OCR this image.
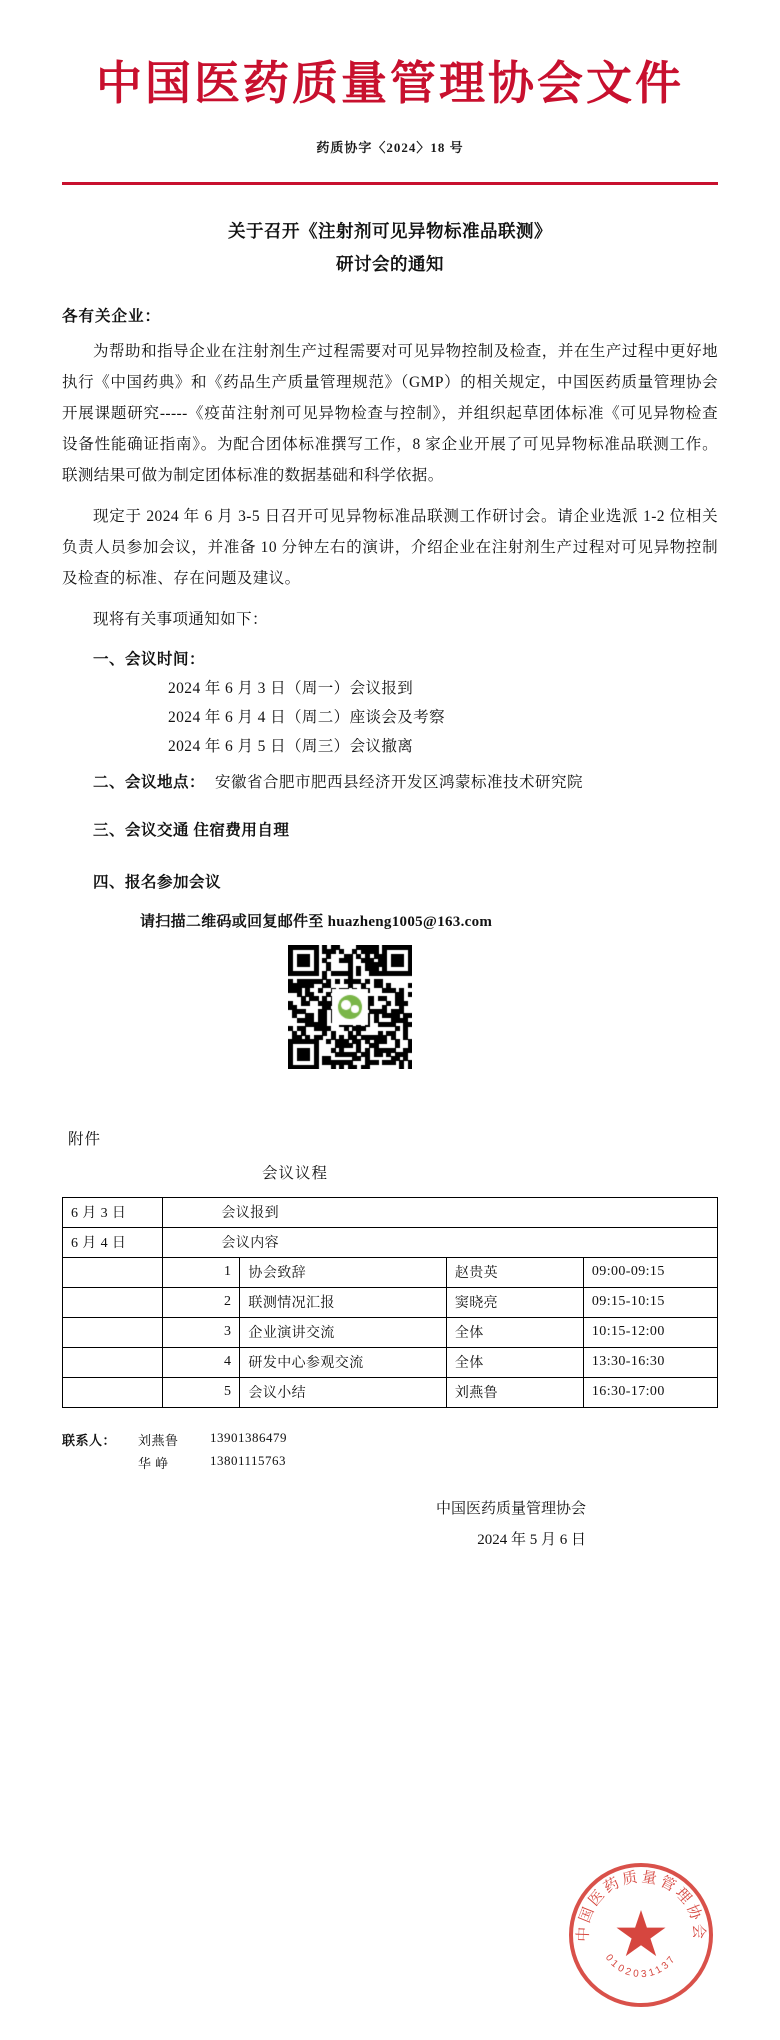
中国医药质量管理协会文件
药质协字〈2024〉18 号
关于召开《注射剂可见异物标准品联测》
研讨会的通知
各有关企业：

为帮助和指导企业在注射剂生产过程需要对可见异物控制及检查，并在生产过程中更好地执行《中国药典》和《药品生产质量管理规范》（GMP）的相关规定，中国医药质量管理协会开展课题研究-----《疫苗注射剂可见异物检查与控制》，并组织起草团体标准《可见异物检查设备性能确证指南》。为配合团体标准撰写工作，8 家企业开展了可见异物标准品联测工作。联测结果可做为制定团体标准的数据基础和科学依据。

现定于 2024 年 6 月 3-5 日召开可见异物标准品联测工作研讨会。请企业选派 1-2 位相关负责人员参加会议，并准备 10 分钟左右的演讲，介绍企业在注射剂生产过程对可见异物控制及检查的标准、存在问题及建议。

现将有关事项通知如下：

一、会议时间：
2024 年 6 月 3 日（周一）会议报到
2024 年 6 月 4 日（周二）座谈会及考察
2024 年 6 月 5 日（周三）会议撤离
二、会议地点： 安徽省合肥市肥西县经济开发区鸿蒙标准技术研究院
三、会议交通 住宿费用自理
四、报名参加会议
请扫描二维码或回复邮件至 huazheng1005@163.com
附件
会议议程
6 月 3 日	会议报到			
6 月 4 日	会议内容			
	1	协会致辞	赵贵英	09:00-09:15
	2	联测情况汇报	窦晓亮	09:15-10:15
	3	企业演讲交流	全体	10:15-12:00
	4	研发中心参观交流	全体	13:30-16:30
	5	会议小结	刘燕鲁	16:30-17:00
联系人：	刘燕鲁	13901386479
华 峥	13801115763
中国医药质量管理协会
2024 年 5 月 6 日
中国医药质量管理协会
0102031137
